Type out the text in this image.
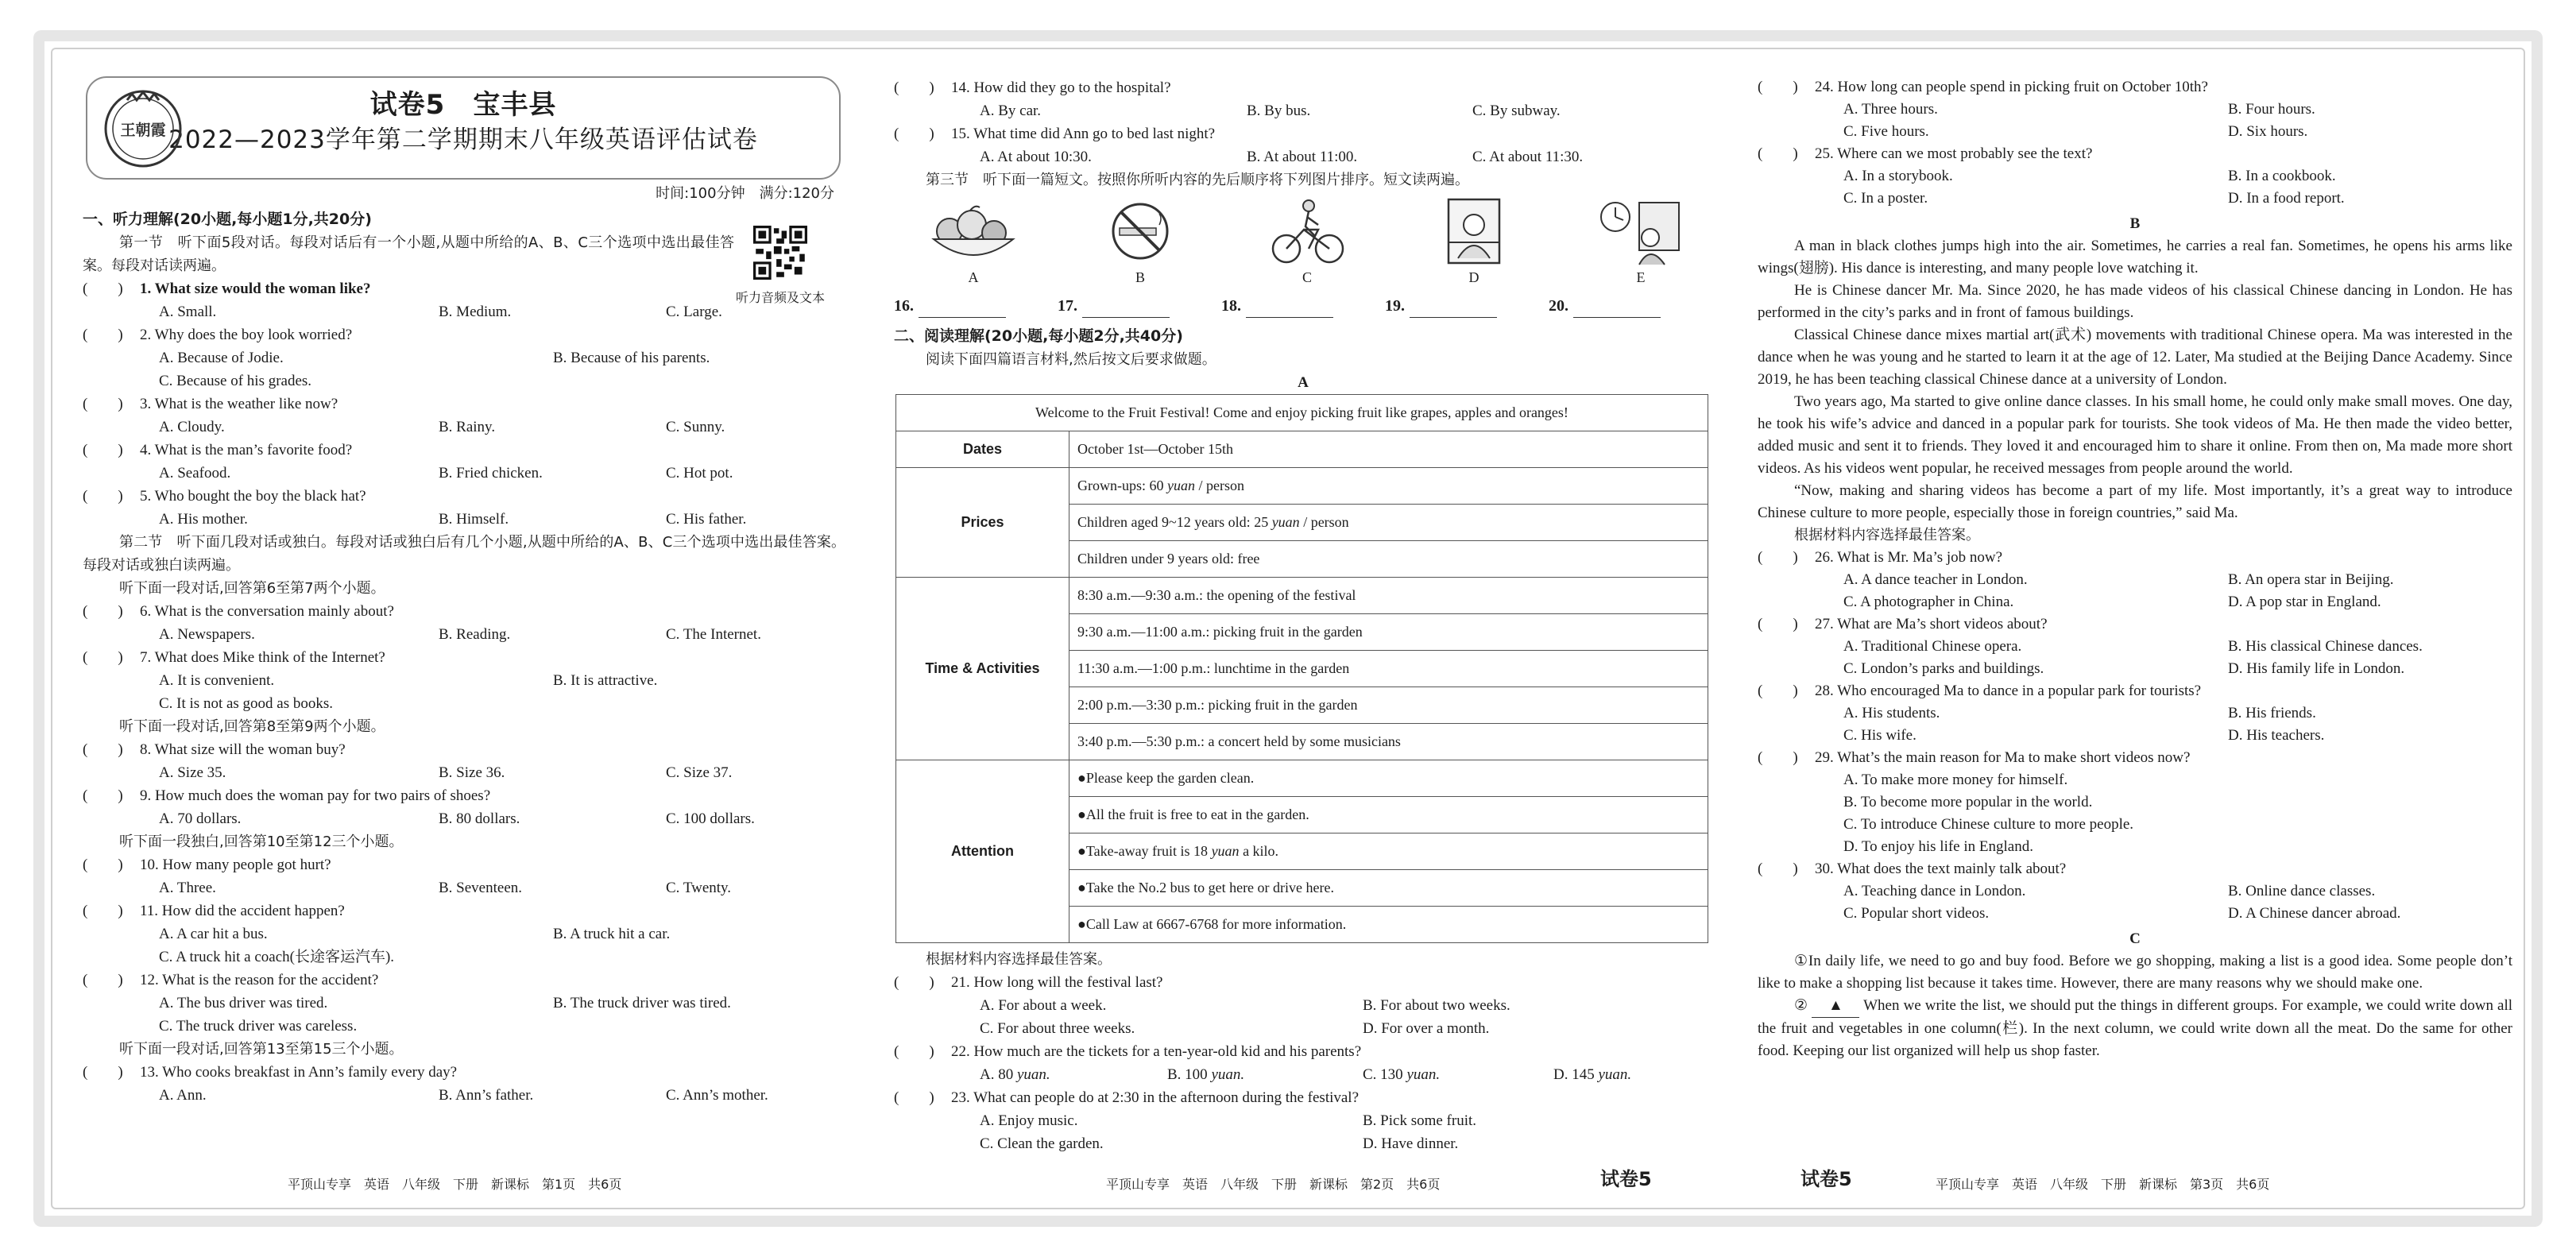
王朝霞
试卷5　宝丰县
2022—2023学年第二学期期末八年级英语评估试卷
时间:100分钟　满分:120分
听力音频及文本
一、听力理解(20小题,每小题1分,共20分)
第一节　听下面5段对话。每段对话后有一个小题,从题中所给的A、B、C三个选项中选出最佳答案。每段对话读两遍。
(　　)	1. What size would the woman like?
A. Small.	B. Medium.	C. Large.
(　　)	2. Why does the boy look worried?
A. Because of Jodie.	B. Because of his parents.
C. Because of his grades.
(　　)	3. What is the weather like now?
A. Cloudy.	B. Rainy.	C. Sunny.
(　　)	4. What is the man’s favorite food?
A. Seafood.	B. Fried chicken.	C. Hot pot.
(　　)	5. Who bought the boy the black hat?
A. His mother.	B. Himself.	C. His father.
第二节　听下面几段对话或独白。每段对话或独白后有几个小题,从题中所给的A、B、C三个选项中选出最佳答案。每段对话或独白读两遍。
听下面一段对话,回答第6至第7两个小题。
(　　)	6. What is the conversation mainly about?
A. Newspapers.	B. Reading.	C. The Internet.
(　　)	7. What does Mike think of the Internet?
A. It is convenient.	B. It is attractive.
C. It is not as good as books.
听下面一段对话,回答第8至第9两个小题。
(　　)	8. What size will the woman buy?
A. Size 35.	B. Size 36.	C. Size 37.
(　　)	9. How much does the woman pay for two pairs of shoes?
A. 70 dollars.	B. 80 dollars.	C. 100 dollars.
听下面一段独白,回答第10至第12三个小题。
(　　)	10. How many people got hurt?
A. Three.	B. Seventeen.	C. Twenty.
(　　)	11. How did the accident happen?
A. A car hit a bus.	B. A truck hit a car.
C. A truck hit a coach(长途客运汽车).
(　　)	12. What is the reason for the accident?
A. The bus driver was tired.	B. The truck driver was tired.
C. The truck driver was careless.
听下面一段对话,回答第13至第15三个小题。
(　　)	13. Who cooks breakfast in Ann’s family every day?
A. Ann.	B. Ann’s father.	C. Ann’s mother.
(　　)	14. How did they go to the hospital?
A. By car.	B. By bus.	C. By subway.
(　　)	15. What time did Ann go to bed last night?
A. At about 10:30.	B. At about 11:00.	C. At about 11:30.
第三节　听下面一篇短文。按照你所听内容的先后顺序将下列图片排序。短文读两遍。
A	B	C	D	E
16.	17.	18.	19.	20.
二、阅读理解(20小题,每小题2分,共40分)
阅读下面四篇语言材料,然后按文后要求做题。
A
Welcome to the Fruit Festival! Come and enjoy picking fruit like grapes, apples and oranges!	
Dates	October 1st—October 15th
Prices	Grown-ups: 60 yuan / person
	Children aged 9~12 years old: 25 yuan / person
	Children under 9 years old: free
Time & Activities	8:30 a.m.—9:30 a.m.: the opening of the festival
	9:30 a.m.—11:00 a.m.: picking fruit in the garden
	11:30 a.m.—1:00 p.m.: lunchtime in the garden
	2:00 p.m.—3:30 p.m.: picking fruit in the garden
	3:40 p.m.—5:30 p.m.: a concert held by some musicians
Attention	●Please keep the garden clean.
	●All the fruit is free to eat in the garden.
	●Take-away fruit is 18 yuan a kilo.
	●Take the No.2 bus to get here or drive here.
	●Call Law at 6667-6768 for more information.
根据材料内容选择最佳答案。
(　　)	21. How long will the festival last?
A. For about a week.	B. For about two weeks.
C. For about three weeks.	D. For over a month.
(　　)	22. How much are the tickets for a ten-year-old kid and his parents?
A. 80 yuan.	B. 100 yuan.	C. 130 yuan.	D. 145 yuan.
(　　)	23. What can people do at 2:30 in the afternoon during the festival?
A. Enjoy music.	B. Pick some fruit.
C. Clean the garden.	D. Have dinner.
(　　)	24. How long can people spend in picking fruit on October 10th?
A. Three hours.	B. Four hours.
C. Five hours.	D. Six hours.
(　　)	25. Where can we most probably see the text?
A. In a storybook.	B. In a cookbook.
C. In a poster.	D. In a food report.
B
A man in black clothes jumps high into the air. Sometimes, he carries a real fan. Sometimes, he opens his arms like wings(翅膀). His dance is interesting, and many people love watching it.
He is Chinese dancer Mr. Ma. Since 2020, he has made videos of his classical Chinese dancing in London. He has performed in the city’s parks and in front of famous buildings.
Classical Chinese dance mixes martial art(武术) movements with traditional Chinese opera. Ma was interested in the dance when he was young and he started to learn it at the age of 12. Later, Ma studied at the Beijing Dance Academy. Since 2019, he has been teaching classical Chinese dance at a university of London.
Two years ago, Ma started to give online dance classes. In his small home, he could only make small moves. One day, he took his wife’s advice and danced in a popular park for tourists. She took videos of Ma. He then made the video better, added music and sent it to friends. They loved it and encouraged him to share it online. From then on, Ma made more short videos. As his videos went popular, he received messages from people around the world.
“Now, making and sharing videos has become a part of my life. Most importantly, it’s a great way to introduce Chinese culture to more people, especially those in foreign countries,” said Ma.
根据材料内容选择最佳答案。
(　　)	26. What is Mr. Ma’s job now?
A. A dance teacher in London.	B. An opera star in Beijing.
C. A photographer in China.	D. A pop star in England.
(　　)	27. What are Ma’s short videos about?
A. Traditional Chinese opera.	B. His classical Chinese dances.
C. London’s parks and buildings.	D. His family life in London.
(　　)	28. Who encouraged Ma to dance in a popular park for tourists?
A. His students.	B. His friends.
C. His wife.	D. His teachers.
(　　)	29. What’s the main reason for Ma to make short videos now?
A. To make more money for himself.
B. To become more popular in the world.
C. To introduce Chinese culture to more people.
D. To enjoy his life in England.
(　　)	30. What does the text mainly talk about?
A. Teaching dance in London.	B. Online dance classes.
C. Popular short videos.	D. A Chinese dancer abroad.
C
①In daily life, we need to go and buy food. Before we go shopping, making a list is a good idea. Some people don’t like to make a shopping list because it takes time. However, there are many reasons why we should make one.
② ▲ When we write the list, we should put the things in different groups. For example, we could write down all the fruit and vegetables in one column(栏). In the next column, we could write down all the meat. Do the same for other food. Keeping our list organized will help us shop faster.
平顶山专享　英语　八年级　下册　新课标　第1页　共6页	平顶山专享　英语　八年级　下册　新课标　第2页　共6页	试卷5	试卷5	平顶山专享　英语　八年级　下册　新课标　第3页　共6页
